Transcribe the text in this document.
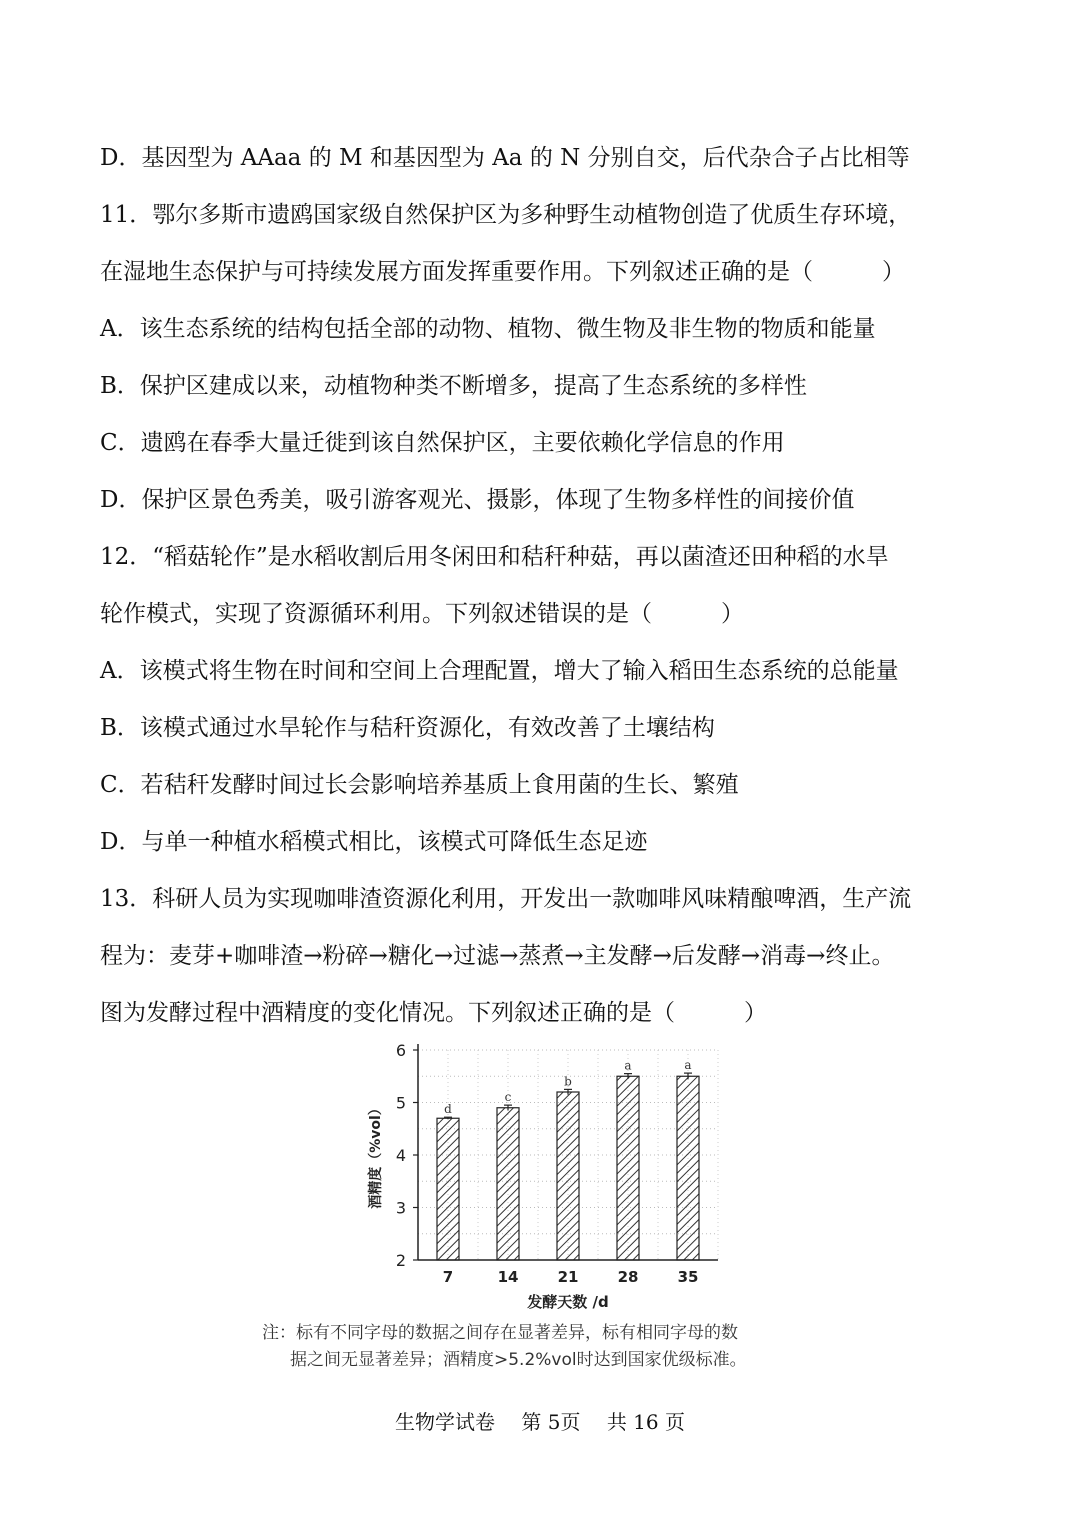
D．基因型为 AAaa 的 M 和基因型为 Aa 的 N 分别自交，后代杂合子占比相等
11．鄂尔多斯市遗鸥国家级自然保护区为多种野生动植物创造了优质生存环境，
在湿地生态保护与可持续发展方面发挥重要作用。下列叙述正确的是（　　　）
A．该生态系统的结构包括全部的动物、植物、微生物及非生物的物质和能量
B．保护区建成以来，动植物种类不断增多，提高了生态系统的多样性
C．遗鸥在春季大量迁徙到该自然保护区，主要依赖化学信息的作用
D．保护区景色秀美，吸引游客观光、摄影，体现了生物多样性的间接价值
12．“稻菇轮作”是水稻收割后用冬闲田和秸秆种菇，再以菌渣还田种稻的水旱
轮作模式，实现了资源循环利用。下列叙述错误的是（　　　）
A．该模式将生物在时间和空间上合理配置，增大了输入稻田生态系统的总能量
B．该模式通过水旱轮作与秸秆资源化，有效改善了土壤结构
C．若秸秆发酵时间过长会影响培养基质上食用菌的生长、繁殖
D．与单一种植水稻模式相比，该模式可降低生态足迹
13．科研人员为实现咖啡渣资源化利用，开发出一款咖啡风味精酿啤酒，生产流
程为：麦芽+咖啡渣→粉碎→糖化→过滤→蒸煮→主发酵→后发酵→消毒→终止。
图为发酵过程中酒精度的变化情况。下列叙述正确的是（　　　）
d
c
b
a	a
7	14	21	28	35
2
3
4
5
6
酒精度（%vol）
发酵天数 /d
注：标有不同字母的数据之间存在显著差异，标有相同字母的数
据之间无显著差异；酒精度>5.2%vol时达到国家优级标准。
生物学试卷 第 5页 共 16 页
